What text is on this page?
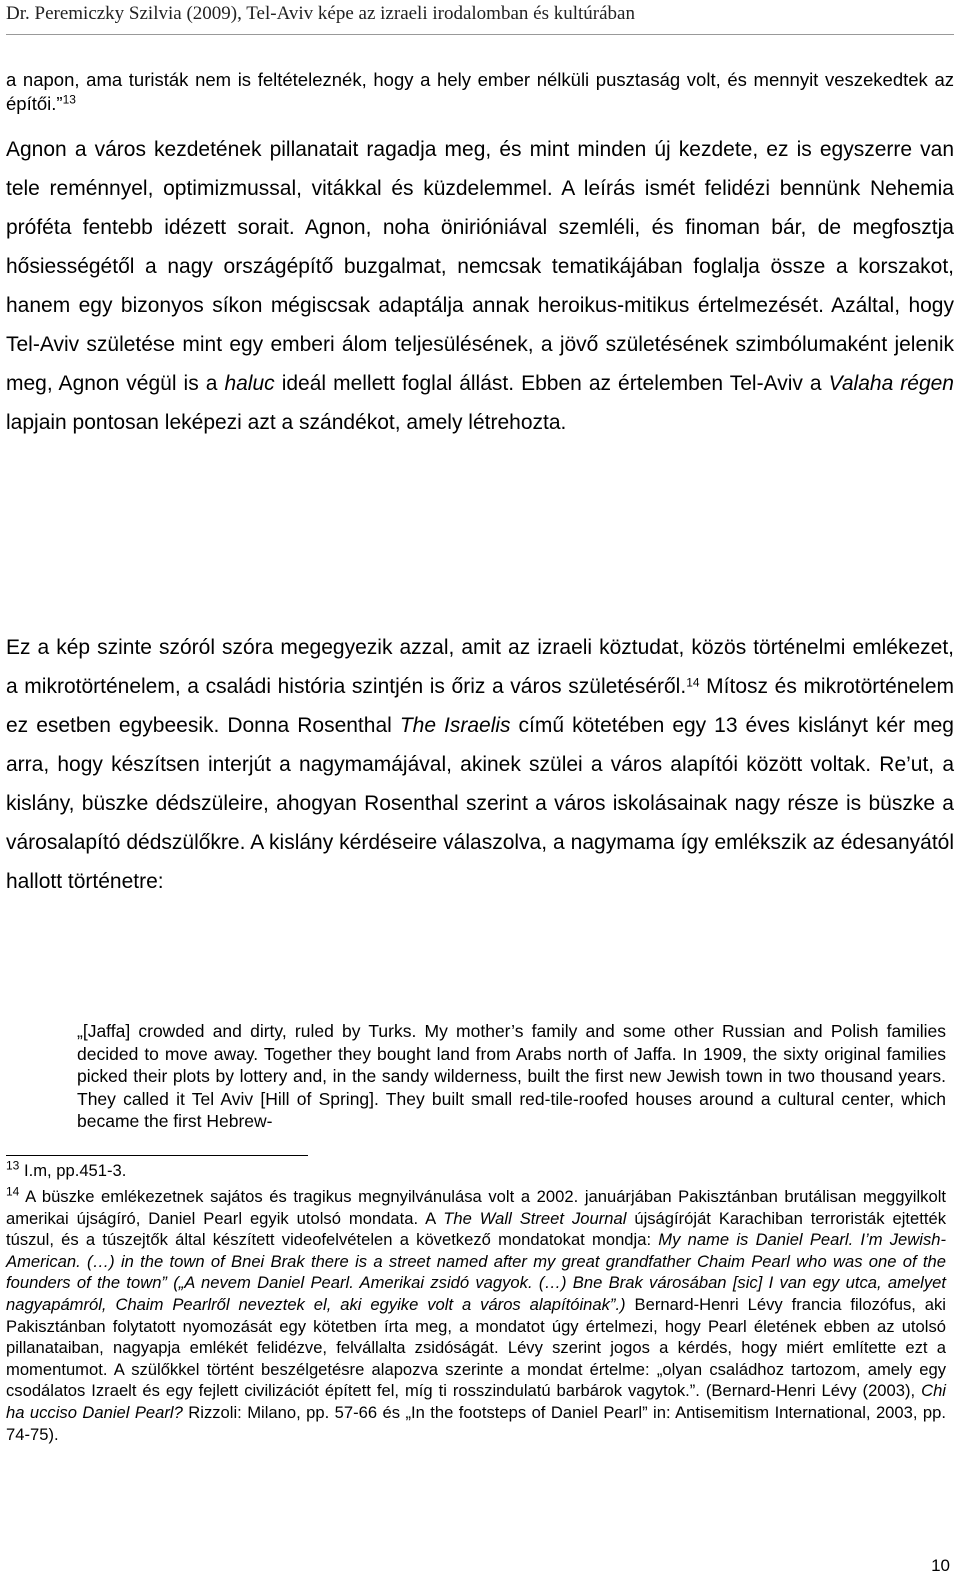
Dr. Peremiczky Szilvia (2009), Tel-Aviv képe az izraeli irodalomban és kultúrában

a napon, ama turisták nem is feltételeznék, hogy a hely ember nélküli pusztaság volt, és mennyit veszekedtek az építői.”$^{13}$

Agnon a város kezdetének pillanatait ragadja meg, és mint minden új kezdete, ez is egyszerre van tele reménnyel, optimizmussal, vitákkal és küzdelemmel. A leírás ismét felidézi bennünk Nehemia próféta fentebb idézett sorait. Agnon, noha önirióniával szemléli, és finoman bár, de megfosztja hősiességétől a nagy országépítő buzgalmat, nemcsak tematikájában foglalja össze a korszakot, hanem egy bizonyos síkon mégiscsak adaptálja annak heroikus-mitikus értelmezését. Azáltal, hogy Tel-Aviv születése mint egy emberi álom teljesülésének, a jövő születésének szimbólumaként jelenik meg, Agnon végül is a haluc ideál mellett foglal állást. Ebben az értelemben Tel-Aviv a Valaha régen lapjain pontosan leképezi azt a szándékot, amely létrehozta.

Ez a kép szinte szóról szóra megegyezik azzal, amit az izraeli köztudat, közös történelmi emlékezet, a mikrotörténelem, a családi história szintjén is őriz a város születéséről.$^{14}$ Mítosz és mikrotörténelem ez esetben egybeesik. Donna Rosenthal The Israelis című kötetében egy 13 éves kislányt kér meg arra, hogy készítsen interjút a nagymamájával, akinek szülei a város alapítói között voltak. Re’ut, a kislány, büszke dédszüleire, ahogyan Rosenthal szerint a város iskolásainak nagy része is büszke a városalapító dédszülőkre. A kislány kérdéseire válaszolva, a nagymama így emlékszik az édesanyától hallott történetre:

„[Jaffa] crowded and dirty, ruled by Turks. My mother’s family and some other Russian and Polish families decided to move away. Together they bought land from Arabs north of Jaffa. In 1909, the sixty original families picked their plots by lottery and, in the sandy wilderness, built the first new Jewish town in two thousand years. They called it Tel Aviv [Hill of Spring]. They built small red-tile-roofed houses around a cultural center, which became the first Hebrew-

$^{13}$ I.m, pp.451-3.

$^{14}$ A büszke emlékezetnek sajátos és tragikus megnyilvánulása volt a 2002. januárjában Pakisztánban brutálisan meggyilkolt amerikai újságíró, Daniel Pearl egyik utolsó mondata. A The Wall Street Journal újságíróját Karachiban terroristák ejtették túszul, és a túszejtők által készített videofelvételen a következő mondatokat mondja: My name is Daniel Pearl. I’m Jewish-American. (…) in the town of Bnei Brak there is a street named after my great grandfather Chaim Pearl who was one of the founders of the town” („A nevem Daniel Pearl. Amerikai zsidó vagyok. (…) Bne Brak városában [sic] I van egy utca, amelyet nagyapámról, Chaim Pearlről neveztek el, aki egyike volt a város alapítóinak”.) Bernard-Henri Lévy francia filozófus, aki Pakisztánban folytatott nyomozását egy kötetben írta meg, a mondatot úgy értelmezi, hogy Pearl életének ebben az utolsó pillanataiban, nagyapja emlékét felidézve, felvállalta zsidóságát. Lévy szerint jogos a kérdés, hogy miért említette ezt a momentumot. A szülőkkel történt beszélgetésre alapozva szerinte a mondat értelme: „olyan családhoz tartozom, amely egy csodálatos Izraelt és egy fejlett civilizációt épített fel, míg ti rosszindulatú barbárok vagytok.”. (Bernard-Henri Lévy (2003), Chi ha ucciso Daniel Pearl? Rizzoli: Milano, pp. 57-66 és „In the footsteps of Daniel Pearl” in: Antisemitism International, 2003, pp. 74-75).

10
